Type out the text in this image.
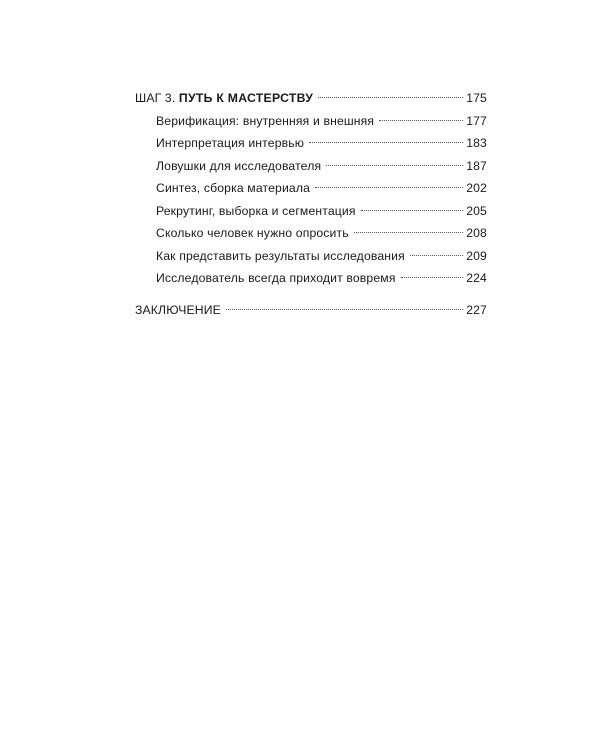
ШАГ 3. ПУТЬ К МАСТЕРСТВУ	175
Верификация: внутренняя и внешняя	177
Интерпретация интервью	183
Ловушки для исследователя	187
Синтез, сборка материала	202
Рекрутинг, выборка и сегментация	205
Сколько человек нужно опросить	208
Как представить результаты исследования	209
Исследователь всегда приходит вовремя	224
ЗАКЛЮЧЕНИЕ	227
